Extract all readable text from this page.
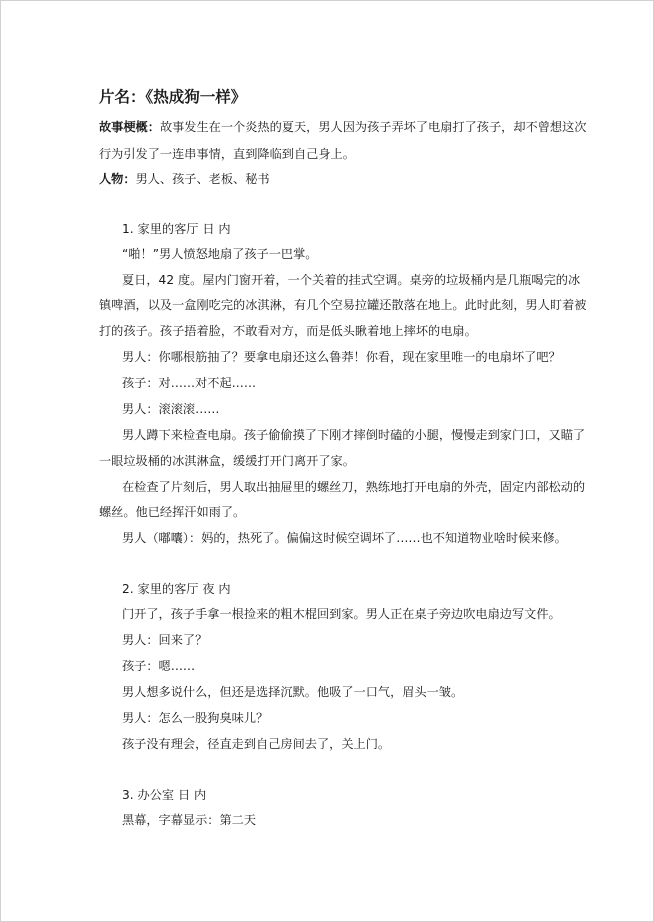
片名：《热成狗一样》
故事梗概：故事发生在一个炎热的夏天，男人因为孩子弄坏了电扇打了孩子，却不曾想这次
行为引发了一连串事情，直到降临到自己身上。
人物：男人、孩子、老板、秘书
1. 家里的客厅 日 内
“啪！”男人愤怒地扇了孩子一巴掌。
夏日，42 度。屋内门窗开着，一个关着的挂式空调。桌旁的垃圾桶内是几瓶喝完的冰
镇啤酒，以及一盒刚吃完的冰淇淋，有几个空易拉罐还散落在地上。此时此刻，男人盯着被
打的孩子。孩子捂着脸，不敢看对方，而是低头瞅着地上摔坏的电扇。
男人：你哪根筋抽了？要拿电扇还这么鲁莽！你看，现在家里唯一的电扇坏了吧？
孩子：对……对不起……
男人：滚滚滚……
男人蹲下来检查电扇。孩子偷偷摸了下刚才摔倒时磕的小腿，慢慢走到家门口，又瞄了
一眼垃圾桶的冰淇淋盒，缓缓打开门离开了家。
在检查了片刻后，男人取出抽屉里的螺丝刀，熟练地打开电扇的外壳，固定内部松动的
螺丝。他已经挥汗如雨了。
男人（嘟囔）：妈的，热死了。偏偏这时候空调坏了……也不知道物业啥时候来修。
2. 家里的客厅 夜 内
门开了，孩子手拿一根捡来的粗木棍回到家。男人正在桌子旁边吹电扇边写文件。
男人：回来了？
孩子：嗯……
男人想多说什么，但还是选择沉默。他吸了一口气，眉头一皱。
男人：怎么一股狗臭味儿？
孩子没有理会，径直走到自己房间去了，关上门。
3. 办公室 日 内
黑幕，字幕显示：第二天
